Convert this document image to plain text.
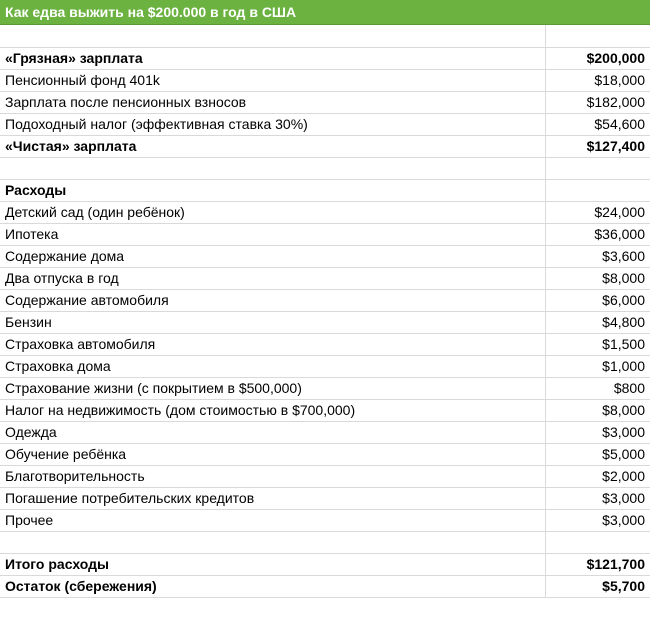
Как едва выжить на $200.000 в год в США

«Грязная» зарплата	$200,000
Пенсионный фонд 401k	$18,000
Зарплата после пенсионных взносов	$182,000
Подоходный налог (эффективная ставка 30%)	$54,600
«Чистая» зарплата	$127,400

Расходы	
Детский сад (один ребёнок)	$24,000
Ипотека	$36,000
Содержание дома	$3,600
Два отпуска в год	$8,000
Содержание автомобиля	$6,000
Бензин	$4,800
Страховка автомобиля	$1,500
Страховка дома	$1,000
Страхование жизни (с покрытием в $500,000)	$800
Налог на недвижимость (дом стоимостью в $700,000)	$8,000
Одежда	$3,000
Обучение ребёнка	$5,000
Благотворительность	$2,000
Погашение потребительских кредитов	$3,000
Прочее	$3,000

Итого расходы	$121,700
Остаток (сбережения)	$5,700
